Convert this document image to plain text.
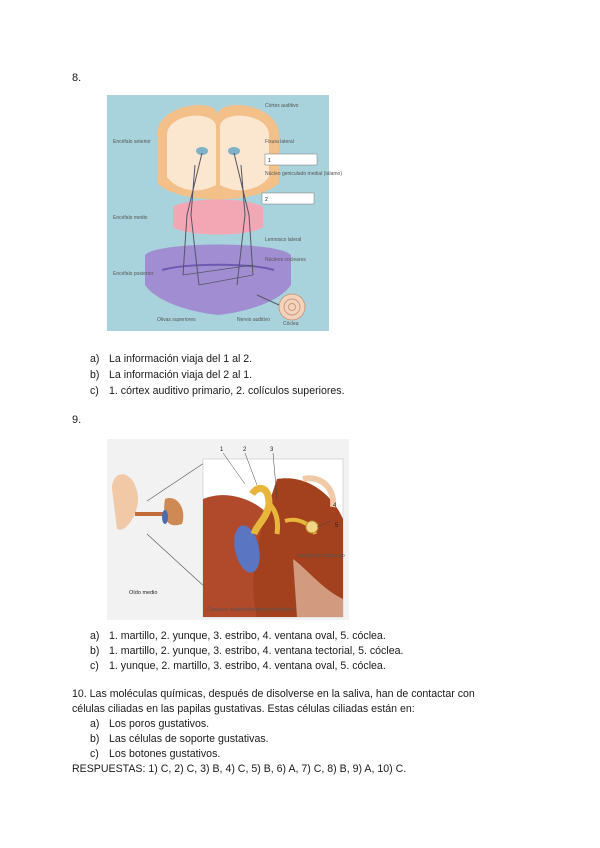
8.
Córtex auditivo
Encéfalo anterior	Fisura lateral
1
Núcleo geniculado medial (tálamo)
2
Encéfalo medio
Lemnisco lateral
Núcleos cocleares
Encéfalo posterior
Olivas superiores	Nervio auditivo
Cóclea
a) La información viaja del 1 al 2.
b) La información viaja del 2 al 1.
c) 1. córtex auditivo primario, 2. colículos superiores.
9.
1	2	3
4
5
Oído medio
Conducto auditivo Membrana timpánica
Trompa de Eustaquio
a) 1. martillo, 2. yunque, 3. estribo, 4. ventana oval, 5. cóclea.
b) 1. martillo, 2. yunque, 3. estribo, 4. ventana tectorial, 5. cóclea.
c) 1. yunque, 2. martillo, 3. estribo, 4. ventana oval, 5. cóclea.
10. Las moléculas químicas, después de disolverse en la saliva, han de contactar con
células ciliadas en las papilas gustativas. Estas células ciliadas están en:
a) Los poros gustativos.
b) Las células de soporte gustativas.
c) Los botones gustativos.
RESPUESTAS: 1) C, 2) C, 3) B, 4) C, 5) B, 6) A, 7) C, 8) B, 9) A, 10) C.
